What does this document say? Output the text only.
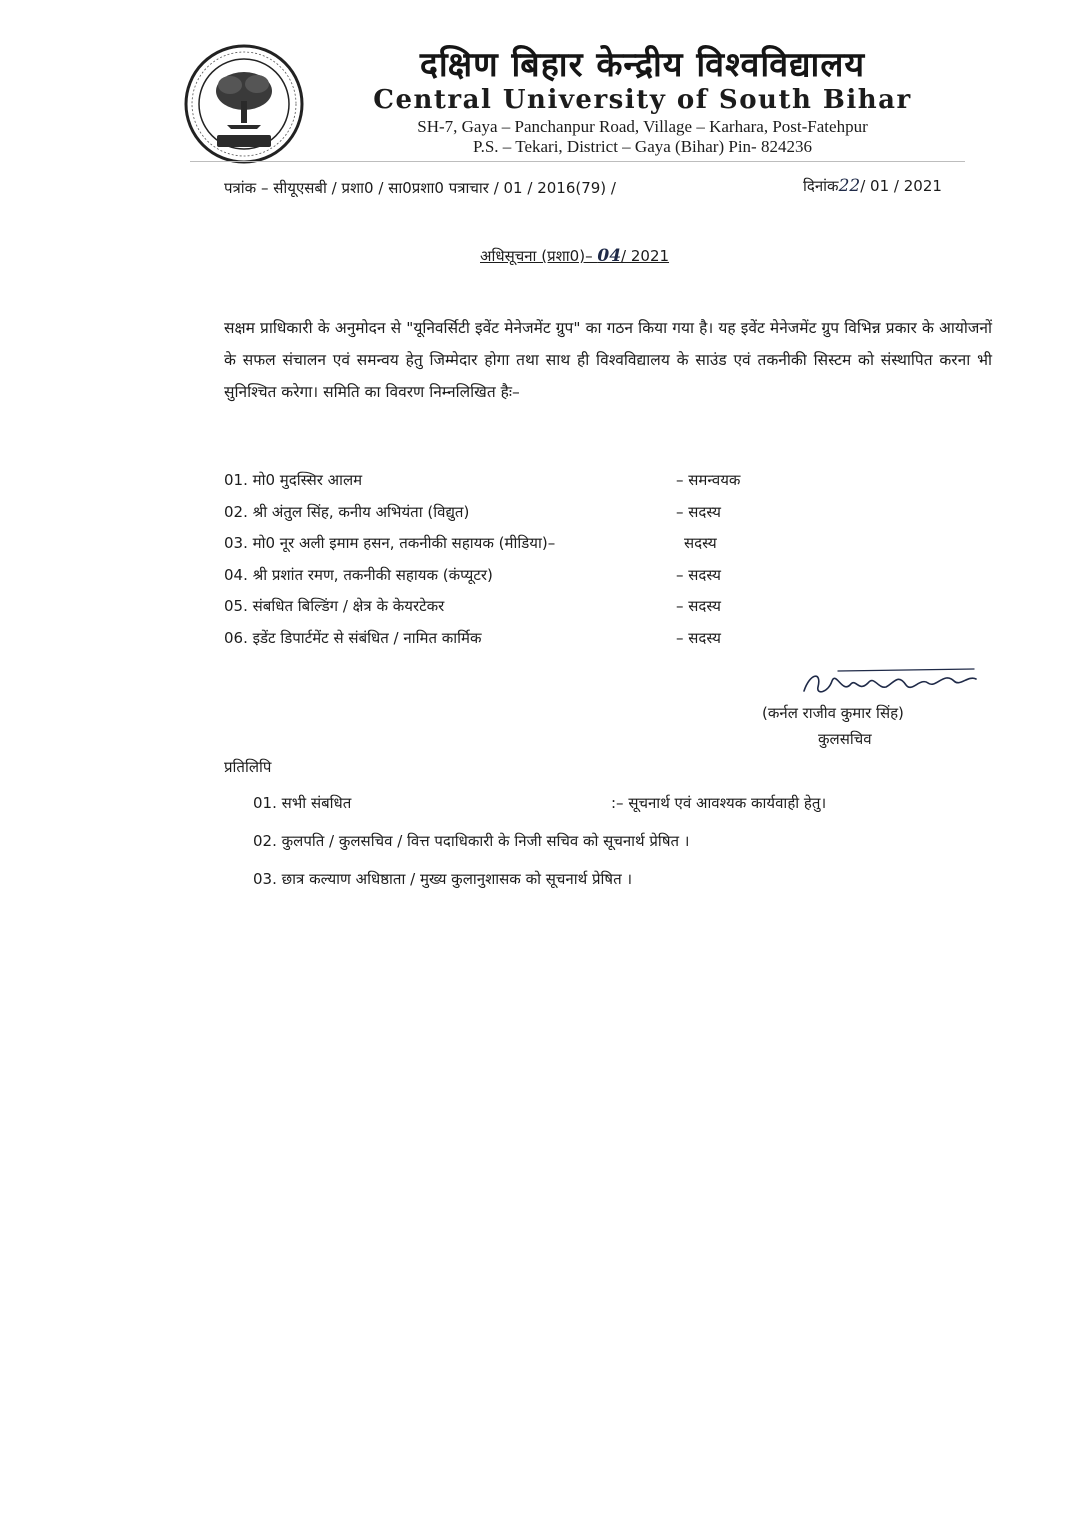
दक्षिण बिहार केन्द्रीय विश्वविद्यालय
Central University of South Bihar
SH-7, Gaya – Panchanpur Road, Village – Karhara, Post-Fatehpur
P.S. – Tekari, District – Gaya (Bihar) Pin- 824236
पत्रांक – सीयूएसबी / प्रशा0 / सा0प्रशा0 पत्राचार / 01 / 2016(79) /	दिनांक22/ 01 / 2021
अधिसूचना (प्रशा0)– 04/ 2021
सक्षम प्राधिकारी के अनुमोदन से "यूनिवर्सिटी इवेंट मेनेजमेंट ग्रुप" का गठन किया गया है। यह इवेंट मेनेजमेंट ग्रुप विभिन्न प्रकार के आयोजनों के सफल संचालन एवं समन्वय हेतु जिम्मेदार होगा तथा साथ ही विश्वविद्यालय के साउंड एवं तकनीकी सिस्टम को संस्थापित करना भी सुनिश्चित करेगा। समिति का विवरण निम्नलिखित हैः–
01. मो0 मुदस्सिर आलम	– समन्वयक
02. श्री अंतुल सिंह, कनीय अभियंता (विद्युत)	– सदस्य
03. मो0 नूर अली इमाम हसन, तकनीकी सहायक (मीडिया)–	सदस्य
04. श्री प्रशांत रमण, तकनीकी सहायक (कंप्यूटर)	– सदस्य
05. संबधित बिल्डिंग / क्षेत्र के केयरटेकर	– सदस्य
06. इडेंट डिपार्टमेंट से संबंधित / नामित कार्मिक	– सदस्य
(कर्नल राजीव कुमार सिंह)
कुलसचिव
प्रतिलिपि
01. सभी संबधित	:– सूचनार्थ एवं आवश्यक कार्यवाही हेतु।
02. कुलपति / कुलसचिव / वित्त पदाधिकारी के निजी सचिव को सूचनार्थ प्रेषित ।
03. छात्र कल्याण अधिष्ठाता / मुख्य कुलानुशासक को सूचनार्थ प्रेषित ।
